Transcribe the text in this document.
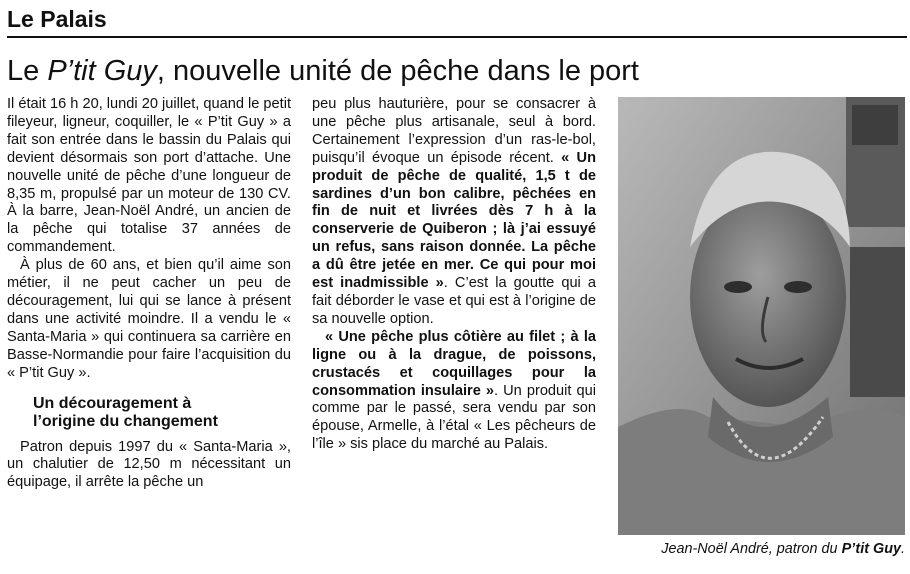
Le Palais
Le P’tit Guy, nouvelle unité de pêche dans le port

Il était 16 h 20, lundi 20 juillet, quand le petit fileyeur, ligneur, coquiller, le « P’tit Guy » a fait son entrée dans le bassin du Palais qui devient désormais son port d’attache. Une nouvelle unité de pêche d’une longueur de 8,35 m, propulsé par un moteur de 130 CV. À la barre, Jean-Noël André, un ancien de la pêche qui totalise 37 années de commandement.

À plus de 60 ans, et bien qu’il aime son métier, il ne peut cacher un peu de découragement, lui qui se lance à présent dans une activité moindre. Il a vendu le « Santa-Maria » qui continuera sa carrière en Basse-Normandie pour faire l’acquisition du « P’tit Guy ».

Un découragement à
l’origine du changement

Patron depuis 1997 du « Santa-Maria », un chalutier de 12,50 m nécessitant un équipage, il arrête la pêche un

peu plus hauturière, pour se consacrer à une pêche plus artisanale, seul à bord. Certainement l’expression d’un ras-le-bol, puisqu’il évoque un épisode récent. « Un produit de pêche de qualité, 1,5 t de sardines d’un bon calibre, pêchées en fin de nuit et livrées dès 7 h à la conserverie de Quiberon ; là j’ai essuyé un refus, sans raison donnée. La pêche a dû être jetée en mer. Ce qui pour moi est inadmissible ». C’est la goutte qui a fait déborder le vase et qui est à l’origine de sa nouvelle option.

« Une pêche plus côtière au filet ; à la ligne ou à la drague, de poissons, crustacés et coquillages pour la consommation insulaire ». Un produit qui comme par le passé, sera vendu par son épouse, Armelle, à l’étal « Les pêcheurs de l’île » sis place du marché au Palais.

Jean-Noël André, patron du P’tit Guy.
